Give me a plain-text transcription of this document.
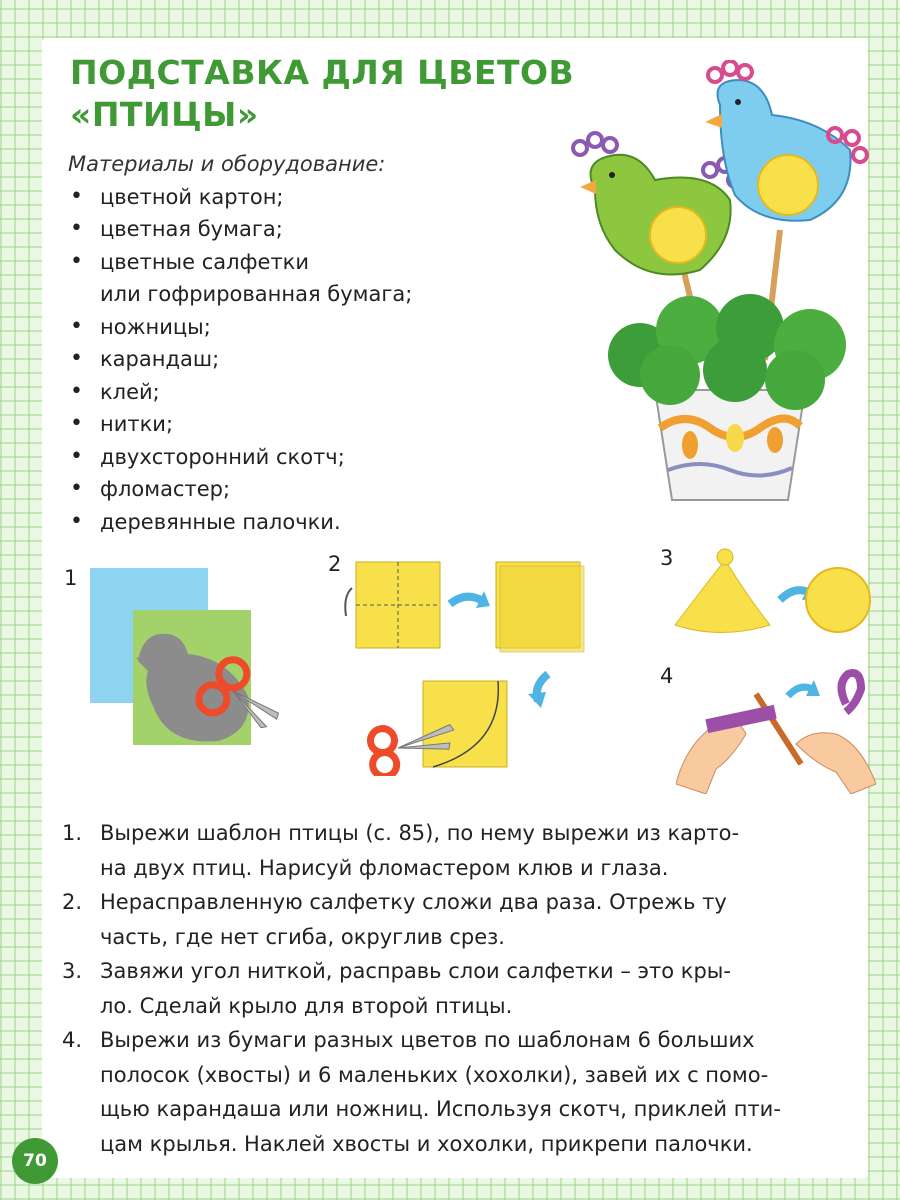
ПОДСТАВКА ДЛЯ ЦВЕТОВ
«ПТИЦЫ»
Материалы и оборудование:
• цветной картон;
• цветная бумага;
• цветные салфетки
или гофрированная бумага;
• ножницы;
• карандаш;
• клей;
• нитки;
• двухсторонний скотч;
• фломастер;
• деревянные палочки.
1
2	3
4
1. Вырежи шаблон птицы (с. 85), по нему вырежи из карто-
на двух птиц. Нарисуй фломастером клюв и глаза.
2. Нерасправленную салфетку сложи два раза. Отрежь ту
часть, где нет сгиба, округлив срез.
3. Завяжи угол ниткой, расправь слои салфетки – это кры-
ло. Сделай крыло для второй птицы.
4. Вырежи из бумаги разных цветов по шаблонам 6 больших
полосок (хвосты) и 6 маленьких (хохолки), завей их с помо-
щью карандаша или ножниц. Используя скотч, приклей пти-
цам крылья. Наклей хвосты и хохолки, прикрепи палочки.
70
